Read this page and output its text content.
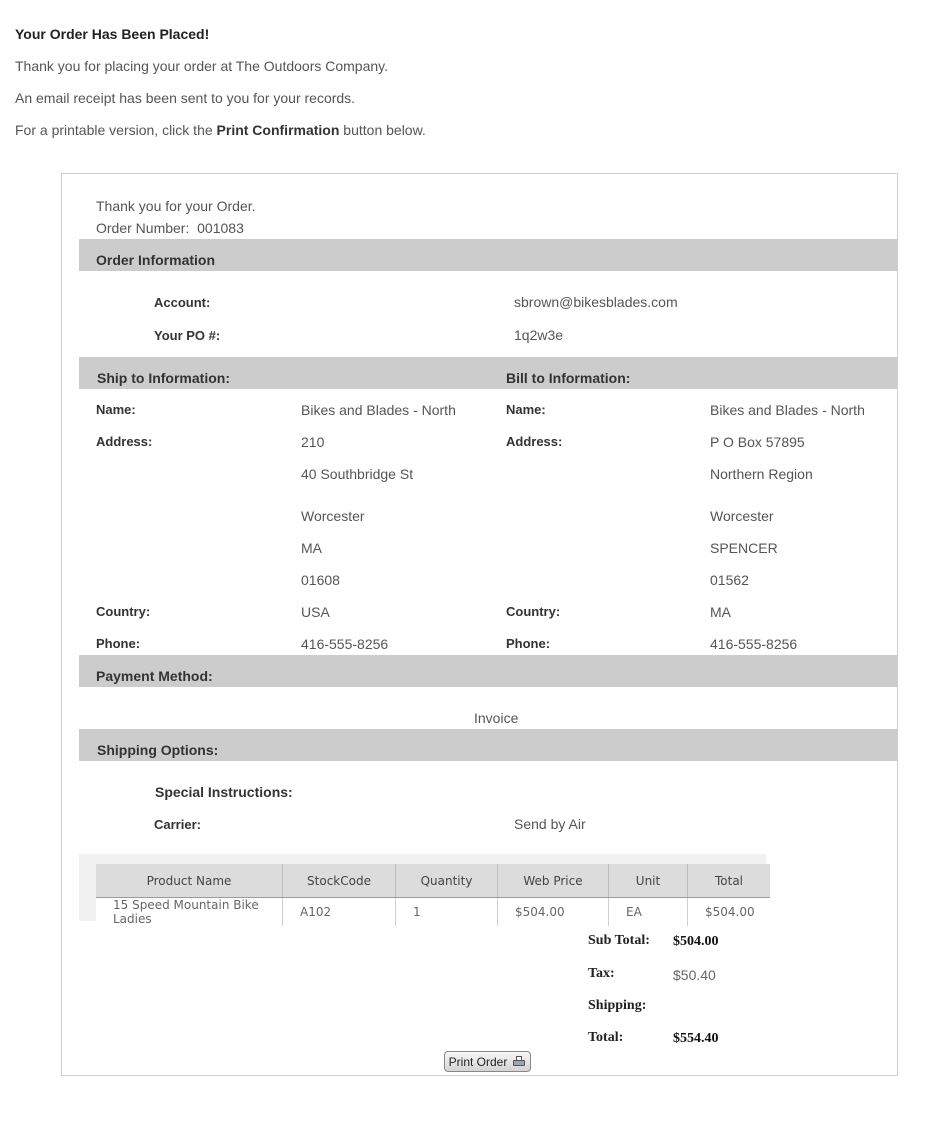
Your Order Has Been Placed!
Thank you for placing your order at The Outdoors Company.
An email receipt has been sent to you for your records.
For a printable version, click the Print Confirmation button below.
Thank you for your Order.
Order Number: 001083
Order Information
Account:	sbrown@bikesblades.com
Your PO #:	1q2w3e
Ship to Information:	Bill to Information:
Name:	Bikes and Blades - North
Address:	210
40 Southbridge St
Worcester
MA
01608
Country:	USA
Phone:	416-555-8256
Name:	Bikes and Blades - North
Address:	P O Box 57895
Northern Region
Worcester
SPENCER
01562
Country:	MA
Phone:	416-555-8256
Payment Method:
Invoice
Shipping Options:
Special Instructions:
Carrier:	Send by Air
Product Name	StockCode	Quantity	Web Price	Unit	Total
15 Speed Mountain Bike Ladies	A102	1	$504.00	EA	$504.00
Sub Total: $504.00
Tax:	$50.40
Shipping:
Total:	$554.40
Print Order
